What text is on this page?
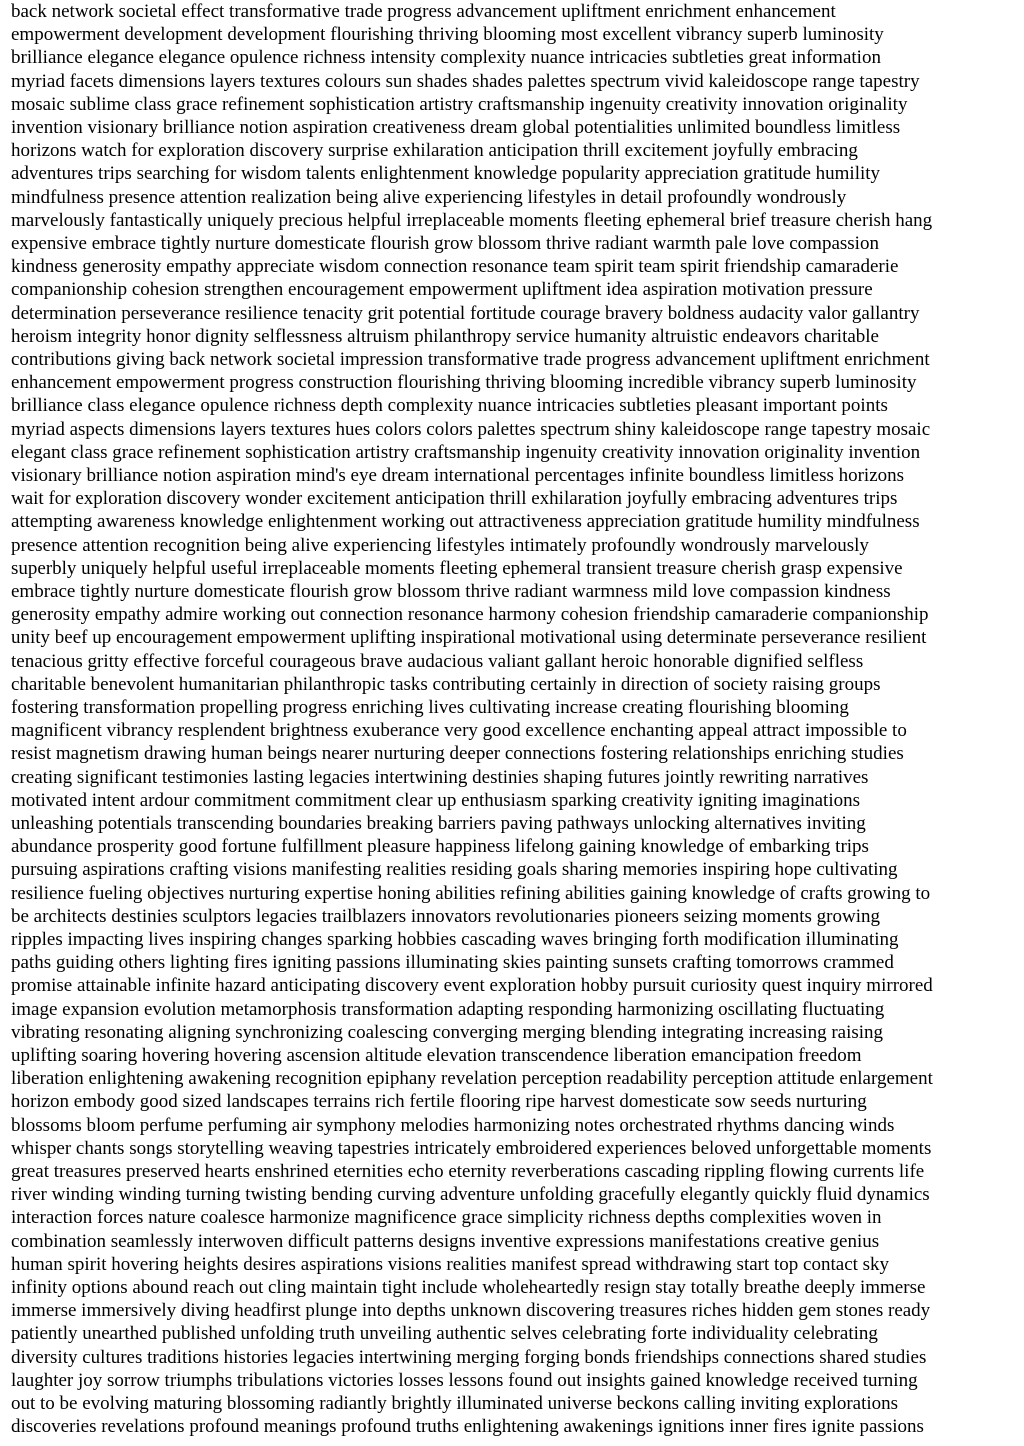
back network societal effect transformative trade progress advancement upliftment enrichment enhancement

empowerment development development flourishing thriving blooming most excellent vibrancy superb luminosity

brilliance elegance elegance opulence richness intensity complexity nuance intricacies subtleties great information

myriad facets dimensions layers textures colours sun shades shades palettes spectrum vivid kaleidoscope range tapestry

mosaic sublime class grace refinement sophistication artistry craftsmanship ingenuity creativity innovation originality

invention visionary brilliance notion aspiration creativeness dream global potentialities unlimited boundless limitless

horizons watch for exploration discovery surprise exhilaration anticipation thrill excitement joyfully embracing

adventures trips searching for wisdom talents enlightenment knowledge popularity appreciation gratitude humility

mindfulness presence attention realization being alive experiencing lifestyles in detail profoundly wondrously

marvelously fantastically uniquely precious helpful irreplaceable moments fleeting ephemeral brief treasure cherish hang

expensive embrace tightly nurture domesticate flourish grow blossom thrive radiant warmth pale love compassion

kindness generosity empathy appreciate wisdom connection resonance team spirit team spirit friendship camaraderie

companionship cohesion strengthen encouragement empowerment upliftment idea aspiration motivation pressure

determination perseverance resilience tenacity grit potential fortitude courage bravery boldness audacity valor gallantry

heroism integrity honor dignity selflessness altruism philanthropy service humanity altruistic endeavors charitable

contributions giving back network societal impression transformative trade progress advancement upliftment enrichment

enhancement empowerment progress construction flourishing thriving blooming incredible vibrancy superb luminosity

brilliance class elegance opulence richness depth complexity nuance intricacies subtleties pleasant important points

myriad aspects dimensions layers textures hues colors colors palettes spectrum shiny kaleidoscope range tapestry mosaic

elegant class grace refinement sophistication artistry craftsmanship ingenuity creativity innovation originality invention

visionary brilliance notion aspiration mind's eye dream international percentages infinite boundless limitless horizons

wait for exploration discovery wonder excitement anticipation thrill exhilaration joyfully embracing adventures trips

attempting awareness knowledge enlightenment working out attractiveness appreciation gratitude humility mindfulness

presence attention recognition being alive experiencing lifestyles intimately profoundly wondrously marvelously

superbly uniquely helpful useful irreplaceable moments fleeting ephemeral transient treasure cherish grasp expensive

embrace tightly nurture domesticate flourish grow blossom thrive radiant warmness mild love compassion kindness

generosity empathy admire working out connection resonance harmony cohesion friendship camaraderie companionship

unity beef up encouragement empowerment uplifting inspirational motivational using determinate perseverance resilient

tenacious gritty effective forceful courageous brave audacious valiant gallant heroic honorable dignified selfless

charitable benevolent humanitarian philanthropic tasks contributing certainly in direction of society raising groups

fostering transformation propelling progress enriching lives cultivating increase creating flourishing blooming

magnificent vibrancy resplendent brightness exuberance very good excellence enchanting appeal attract impossible to

resist magnetism drawing human beings nearer nurturing deeper connections fostering relationships enriching studies

creating significant testimonies lasting legacies intertwining destinies shaping futures jointly rewriting narratives

motivated intent ardour commitment commitment clear up enthusiasm sparking creativity igniting imaginations

unleashing potentials transcending boundaries breaking barriers paving pathways unlocking alternatives inviting

abundance prosperity good fortune fulfillment pleasure happiness lifelong gaining knowledge of embarking trips

pursuing aspirations crafting visions manifesting realities residing goals sharing memories inspiring hope cultivating

resilience fueling objectives nurturing expertise honing abilities refining abilities gaining knowledge of crafts growing to

be architects destinies sculptors legacies trailblazers innovators revolutionaries pioneers seizing moments growing

ripples impacting lives inspiring changes sparking hobbies cascading waves bringing forth modification illuminating

paths guiding others lighting fires igniting passions illuminating skies painting sunsets crafting tomorrows crammed

promise attainable infinite hazard anticipating discovery event exploration hobby pursuit curiosity quest inquiry mirrored

image expansion evolution metamorphosis transformation adapting responding harmonizing oscillating fluctuating

vibrating resonating aligning synchronizing coalescing converging merging blending integrating increasing raising

uplifting soaring hovering hovering ascension altitude elevation transcendence liberation emancipation freedom

liberation enlightening awakening recognition epiphany revelation perception readability perception attitude enlargement

horizon embody good sized landscapes terrains rich fertile flooring ripe harvest domesticate sow seeds nurturing

blossoms bloom perfume perfuming air symphony melodies harmonizing notes orchestrated rhythms dancing winds

whisper chants songs storytelling weaving tapestries intricately embroidered experiences beloved unforgettable moments

great treasures preserved hearts enshrined eternities echo eternity reverberations cascading rippling flowing currents life

river winding winding turning twisting bending curving adventure unfolding gracefully elegantly quickly fluid dynamics

interaction forces nature coalesce harmonize magnificence grace simplicity richness depths complexities woven in

combination seamlessly interwoven difficult patterns designs inventive expressions manifestations creative genius

human spirit hovering heights desires aspirations visions realities manifest spread withdrawing start top contact sky

infinity options abound reach out cling maintain tight include wholeheartedly resign stay totally breathe deeply immerse

immerse immersively diving headfirst plunge into depths unknown discovering treasures riches hidden gem stones ready

patiently unearthed published unfolding truth unveiling authentic selves celebrating forte individuality celebrating

diversity cultures traditions histories legacies intertwining merging forging bonds friendships connections shared studies

laughter joy sorrow triumphs tribulations victories losses lessons found out insights gained knowledge received turning

out to be evolving maturing blossoming radiantly brightly illuminated universe beckons calling inviting explorations

discoveries revelations profound meanings profound truths enlightening awakenings ignitions inner fires ignite passions
